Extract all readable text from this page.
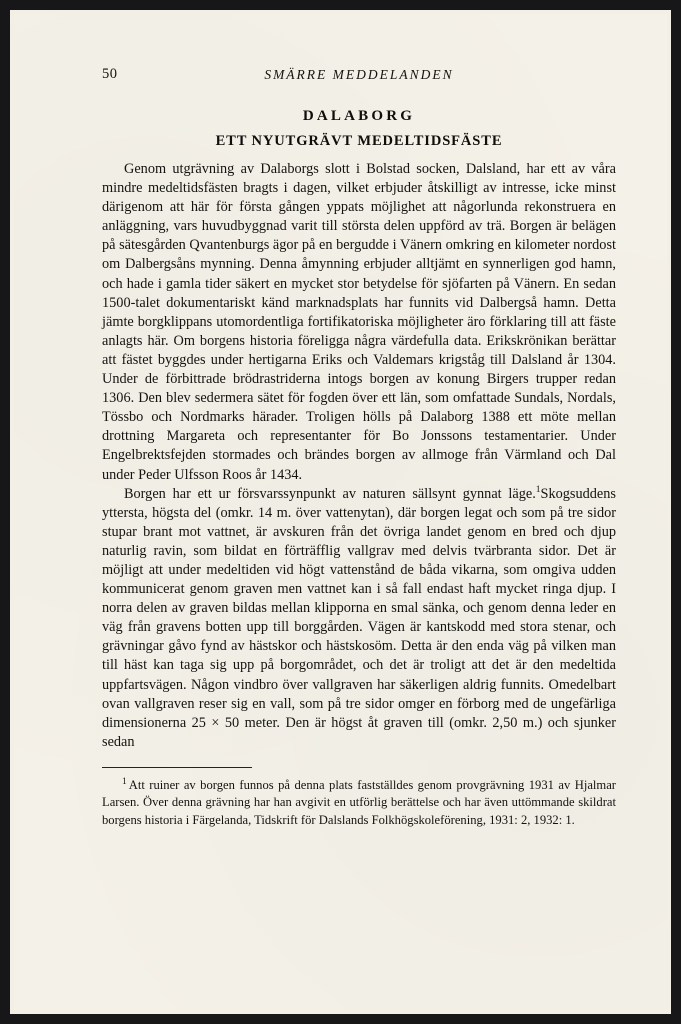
50	SMÄRRE MEDDELANDEN
DALABORG
ETT NYUTGRÄVT MEDELTIDSFÄSTE

Genom utgrävning av Dalaborgs slott i Bolstad socken, Dalsland, har ett av våra mindre medeltidsfästen bragts i dagen, vilket erbjuder åtskilligt av intresse, icke minst därigenom att här för första gången yppats möjlighet att någorlunda rekonstruera en anläggning, vars huvudbyggnad varit till största delen uppförd av trä. Borgen är belägen på sätesgården Qvantenburgs ägor på en bergudde i Vänern omkring en kilometer nordost om Dalbergsåns mynning. Denna åmynning erbjuder alltjämt en synnerligen god hamn, och hade i gamla tider säkert en mycket stor betydelse för sjöfarten på Vänern. En sedan 1500-talet dokumentariskt känd marknadsplats har funnits vid Dalbergså hamn. Detta jämte borgklippans utomordentliga fortifikatoriska möjligheter äro förklaring till att fäste anlagts här. Om borgens historia föreligga några värdefulla data. Erikskrönikan berättar att fästet byggdes under hertigarna Eriks och Valdemars krigståg till Dalsland år 1304. Under de förbittrade brödrastriderna intogs borgen av konung Birgers trupper redan 1306. Den blev sedermera sätet för fogden över ett län, som omfattade Sundals, Nordals, Tössbo och Nordmarks härader. Troligen hölls på Dalaborg 1388 ett möte mellan drottning Margareta och representanter för Bo Jonssons testamentarier. Under Engelbrektsfejden stormades och brändes borgen av allmoge från Värmland och Dal under Peder Ulfsson Roos år 1434.

Borgen har ett ur försvarssynpunkt av naturen sällsynt gynnat läge.$^1$Skogsuddens yttersta, högsta del (omkr. 14 m. över vattenytan), där borgen legat och som på tre sidor stupar brant mot vattnet, är avskuren från det övriga landet genom en bred och djup naturlig ravin, som bildat en förträfflig vallgrav med delvis tvärbranta sidor. Det är möjligt att under medeltiden vid högt vattenstånd de båda vikarna, som omgiva udden kommunicerat genom graven men vattnet kan i så fall endast haft mycket ringa djup. I norra delen av graven bildas mellan klipporna en smal sänka, och genom denna leder en väg från gravens botten upp till borggården. Vägen är kantskodd med stora stenar, och grävningar gåvo fynd av hästskor och hästskosöm. Detta är den enda väg på vilken man till häst kan taga sig upp på borgområdet, och det är troligt att det är den medeltida uppfartsvägen. Någon vindbro över vallgraven har säkerligen aldrig funnits. Omedelbart ovan vallgraven reser sig en vall, som på tre sidor omger en förborg med de ungefärliga dimensionerna 25 × 50 meter. Den är högst åt graven till (omkr. 2,50 m.) och sjunker sedan

$^1$ Att ruiner av borgen funnos på denna plats fastställdes genom provgrävning 1931 av Hjalmar Larsen. Över denna grävning har han avgivit en utförlig berättelse och har även uttömmande skildrat borgens historia i Färgelanda, Tidskrift för Dalslands Folkhögskoleförening, 1931: 2, 1932: 1.
